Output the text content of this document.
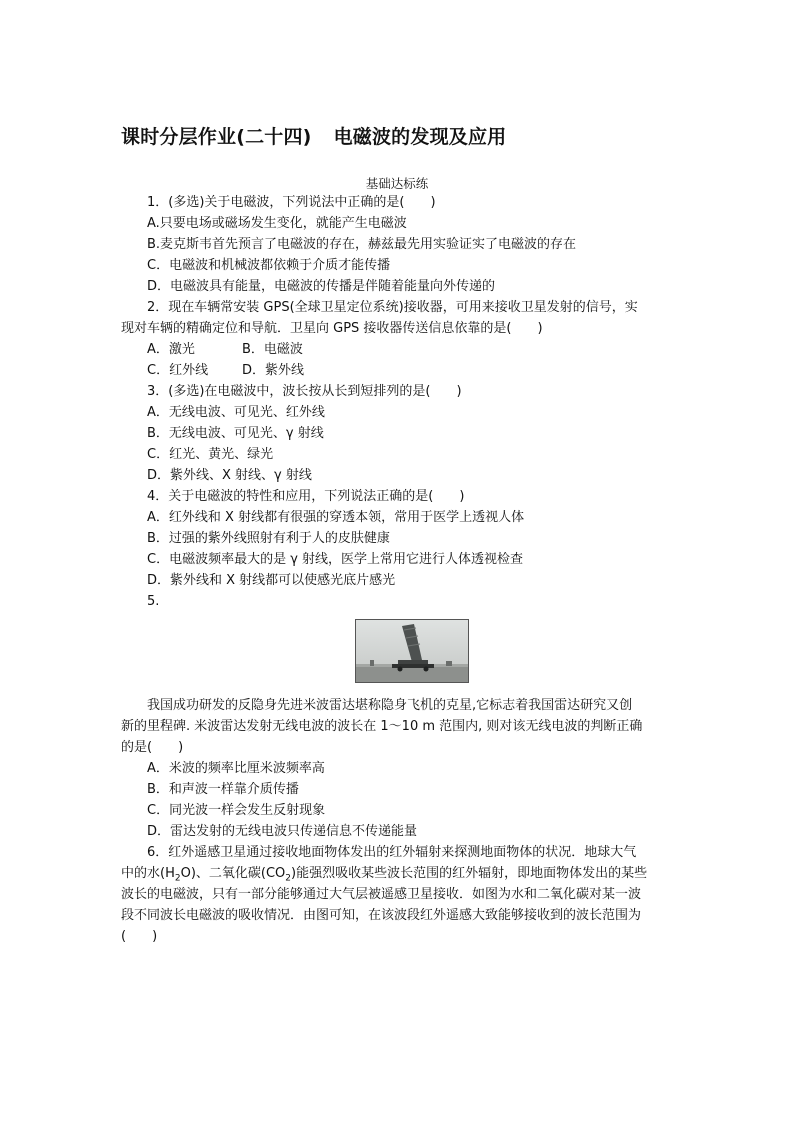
课时分层作业(二十四) 电磁波的发现及应用
基础达标练
1．(多选)关于电磁波，下列说法中正确的是(　　)
A.只要电场或磁场发生变化，就能产生电磁波
B.麦克斯韦首先预言了电磁波的存在，赫兹最先用实验证实了电磁波的存在
C．电磁波和机械波都依赖于介质才能传播
D．电磁波具有能量，电磁波的传播是伴随着能量向外传递的
2．现在车辆常安装 GPS(全球卫星定位系统)接收器，可用来接收卫星发射的信号，实
现对车辆的精确定位和导航．卫星向 GPS 接收器传送信息依靠的是(　　)
A．激光	B．电磁波
C．红外线	D．紫外线
3．(多选)在电磁波中，波长按从长到短排列的是(　　)
A．无线电波、可见光、红外线
B．无线电波、可见光、γ 射线
C．红光、黄光、绿光
D．紫外线、X 射线、γ 射线
4．关于电磁波的特性和应用，下列说法正确的是(　　)
A．红外线和 X 射线都有很强的穿透本领，常用于医学上透视人体
B．过强的紫外线照射有利于人的皮肤健康
C．电磁波频率最大的是 γ 射线，医学上常用它进行人体透视检查
D．紫外线和 X 射线都可以使感光底片感光
5.
我国成功研发的反隐身先进米波雷达堪称隐身飞机的克星,它标志着我国雷达研究又创
新的里程碑. 米波雷达发射无线电波的波长在 1～10 m 范围内, 则对该无线电波的判断正确
的是(　　)
A．米波的频率比厘米波频率高
B．和声波一样靠介质传播
C．同光波一样会发生反射现象
D．雷达发射的无线电波只传递信息不传递能量
6．红外遥感卫星通过接收地面物体发出的红外辐射来探测地面物体的状况．地球大气
中的水$(H_2O)$、二氧化碳$(CO_2)$能强烈吸收某些波长范围的红外辐射，即地面物体发出的某些
波长的电磁波，只有一部分能够通过大气层被遥感卫星接收．如图为水和二氧化碳对某一波
段不同波长电磁波的吸收情况．由图可知，在该波段红外遥感大致能够接收到的波长范围为
(　　)
